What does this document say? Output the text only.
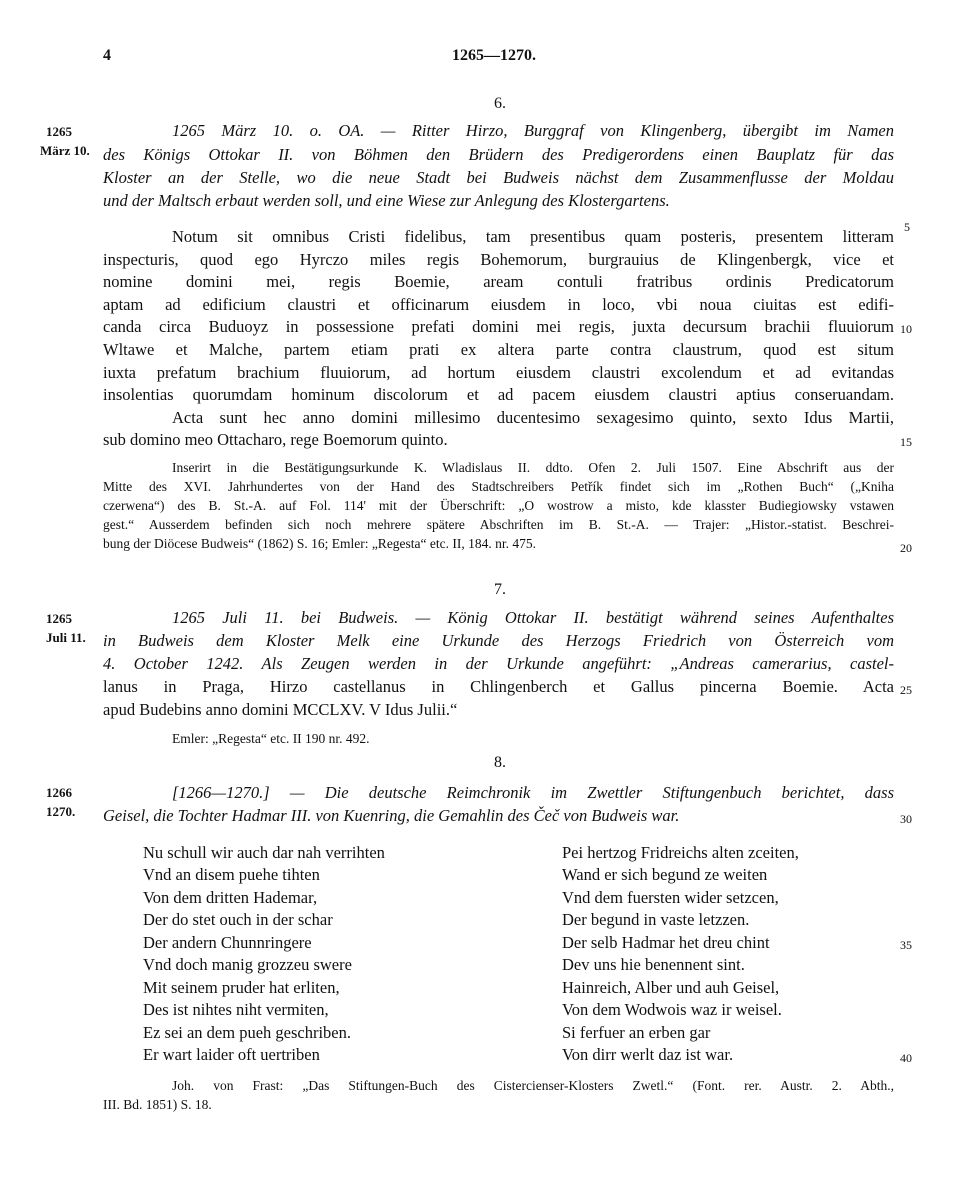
4	1265—1270.
6.
1265
März 10.
1265 März 10. o. OA. — Ritter Hirzo, Burggraf von Klingenberg, übergibt im Namen
des Königs Ottokar II. von Böhmen den Brüdern des Predigerordens einen Bauplatz für das
Kloster an der Stelle, wo die neue Stadt bei Budweis nächst dem Zusammenflusse der Moldau
und der Maltsch erbaut werden soll, und eine Wiese zur Anlegung des Klostergartens.
Notum sit omnibus Cristi fidelibus, tam presentibus quam posteris, presentem litteram
inspecturis, quod ego Hyrczo miles regis Bohemorum, burgrauius de Klingenbergk, vice et
nomine domini mei, regis Boemie, aream contuli fratribus ordinis Predicatorum
aptam ad edificium claustri et officinarum eiusdem in loco, vbi noua ciuitas est edifi-
canda circa Buduoyz in possessione prefati domini mei regis, juxta decursum brachii fluuiorum
Wltawe et Malche, partem etiam prati ex altera parte contra claustrum, quod est situm
iuxta prefatum brachium fluuiorum, ad hortum eiusdem claustri excolendum et ad evitandas
insolentias quorumdam hominum discolorum et ad pacem eiusdem claustri aptius conseruandam.
Acta sunt hec anno domini millesimo ducentesimo sexagesimo quinto, sexto Idus Martii,
sub domino meo Ottacharo, rege Boemorum quinto.
Inserirt in die Bestätigungsurkunde K. Wladislaus II. ddto. Ofen 2. Juli 1507. Eine Abschrift aus der
Mitte des XVI. Jahrhundertes von der Hand des Stadtschreibers Petřík findet sich im „Rothen Buch“ („Kniha
czerwena“) des B. St.-A. auf Fol. 114' mit der Überschrift: „O wostrow a misto, kde klasster Budiegiowsky vstawen
gest.“ Ausserdem befinden sich noch mehrere spätere Abschriften im B. St.-A. — Trajer: „Histor.-statist. Beschrei-
bung der Diöcese Budweis“ (1862) S. 16; Emler: „Regesta“ etc. II, 184. nr. 475.
7.
1265
Juli 11.
1265 Juli 11. bei Budweis. — König Ottokar II. bestätigt während seines Aufenthaltes
in Budweis dem Kloster Melk eine Urkunde des Herzogs Friedrich von Österreich vom
4. October 1242. Als Zeugen werden in der Urkunde angeführt: „Andreas camerarius, castel-
lanus in Praga, Hirzo castellanus in Chlingenberch et Gallus pincerna Boemie. Acta
apud Budebins anno domini MCCLXV. V Idus Julii.“
Emler: „Regesta“ etc. II 190 nr. 492.
8.
1266
1270.
[1266—1270.] — Die deutsche Reimchronik im Zwettler Stiftungenbuch berichtet, dass
Geisel, die Tochter Hadmar III. von Kuenring, die Gemahlin des Čeč von Budweis war.
Nu schull wir auch dar nah verrihten
Vnd an disem puehe tihten
Von dem dritten Hademar,
Der do stet ouch in der schar
Der andern Chunnringere
Vnd doch manig grozzeu swere
Mit seinem pruder hat erliten,
Des ist nihtes niht vermiten,
Ez sei an dem pueh geschriben.
Er wart laider oft uertriben
Pei hertzog Fridreichs alten zceiten,
Wand er sich begund ze weiten
Vnd dem fuersten wider setzcen,
Der begund in vaste letzzen.
Der selb Hadmar het dreu chint
Dev uns hie benennent sint.
Hainreich, Alber und auh Geisel,
Von dem Wodwois waz ir weisel.
Si ferfuer an erben gar
Von dirr werlt daz ist war.
Joh. von Frast: „Das Stiftungen-Buch des Cistercienser-Klosters Zwetl.“ (Font. rer. Austr. 2. Abth.,
III. Bd. 1851) S. 18.
5
10
15
20
25
30
35
40
